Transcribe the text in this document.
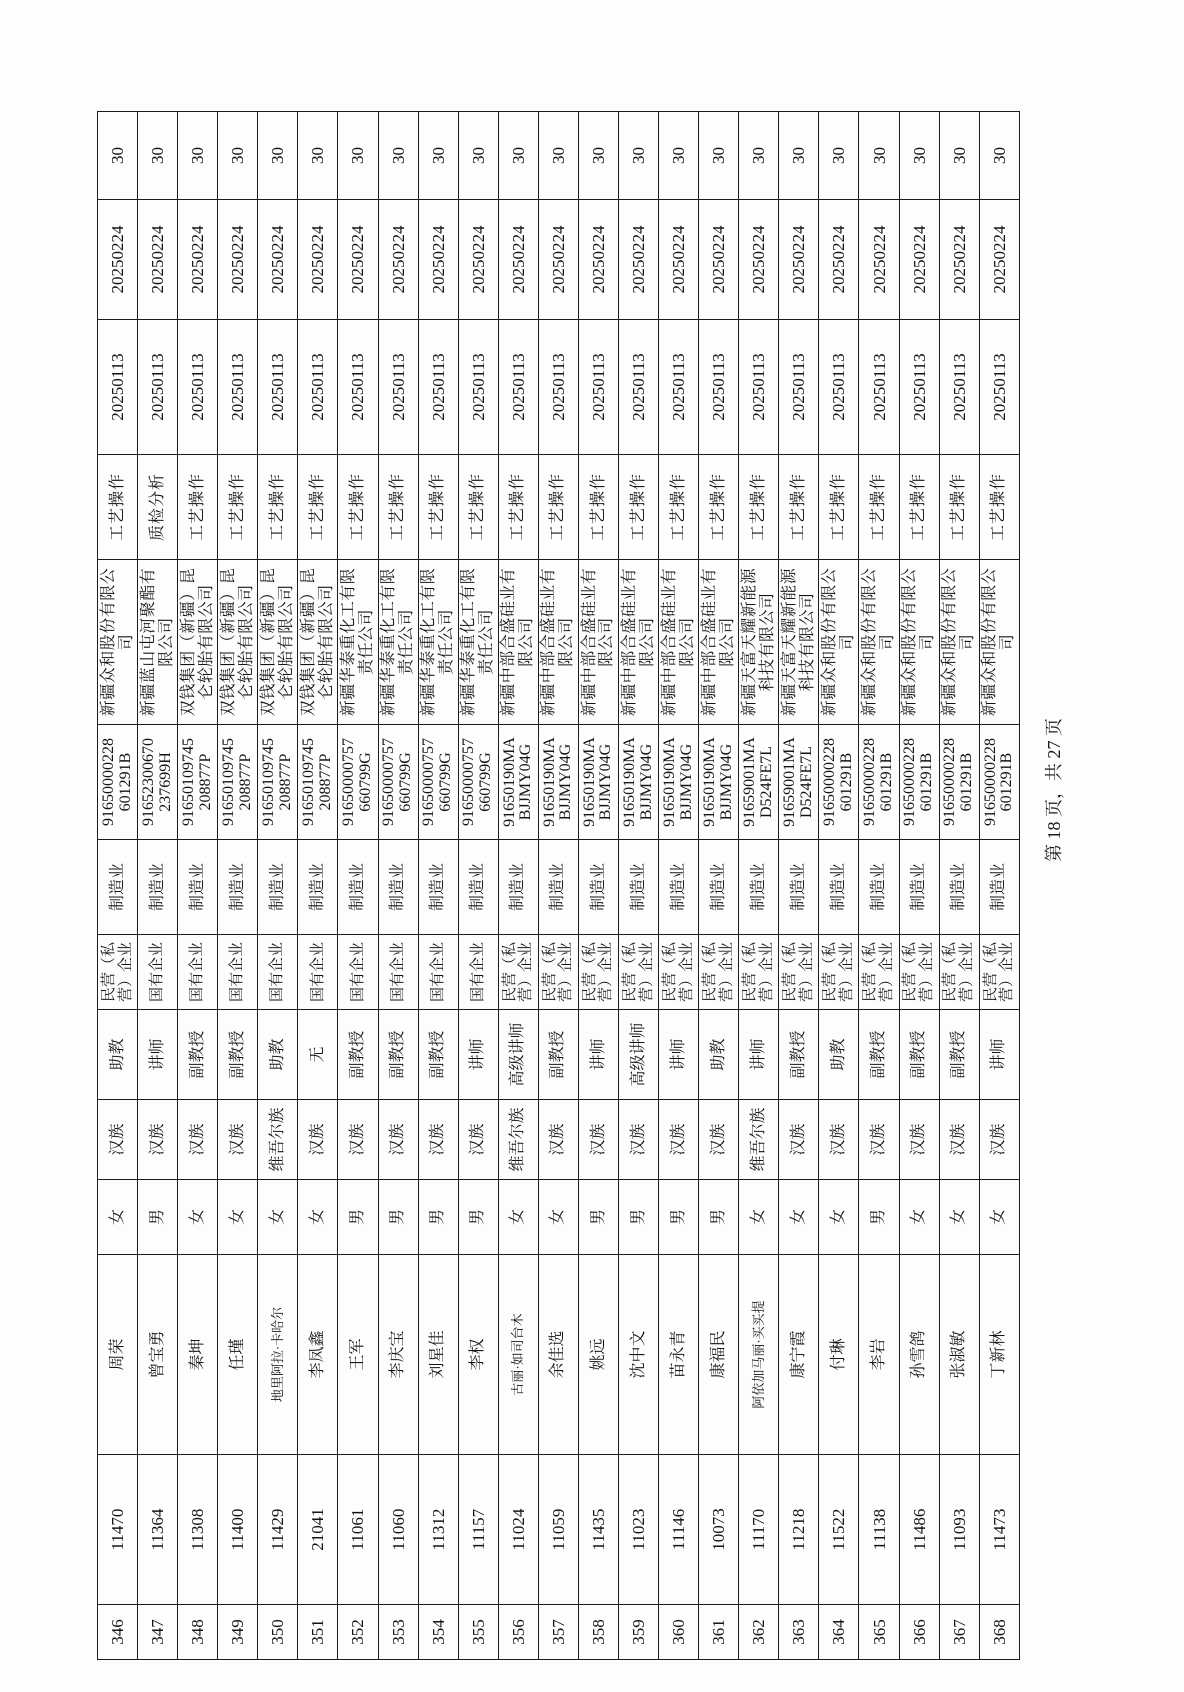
346	11470	周荣	女	汉族	助教	民营（私营）企业	制造业	91650000228601291B	新疆众和股份有限公司	工艺操作	20250113	20250224	30
347	11364	曾宝勇	男	汉族	讲师	国有企业	制造业	91652300670237699H	新疆蓝山屯河聚酯有限公司	质检分析	20250113	20250224	30
348	11308	秦坤	女	汉族	副教授	国有企业	制造业	91650109745208877P	双钱集团（新疆）昆仑轮胎有限公司	工艺操作	20250113	20250224	30
349	11400	任瑾	女	汉族	副教授	国有企业	制造业	91650109745208877P	双钱集团（新疆）昆仑轮胎有限公司	工艺操作	20250113	20250224	30
350	11429	地里阿拉·卡哈尔	女	维吾尔族	助教	国有企业	制造业	91650109745208877P	双钱集团（新疆）昆仑轮胎有限公司	工艺操作	20250113	20250224	30
351	21041	李凤鑫	女	汉族	无	国有企业	制造业	91650109745208877P	双钱集团（新疆）昆仑轮胎有限公司	工艺操作	20250113	20250224	30
352	11061	王军	男	汉族	副教授	国有企业	制造业	91650000757660799G	新疆华泰重化工有限责任公司	工艺操作	20250113	20250224	30
353	11060	李庆宝	男	汉族	副教授	国有企业	制造业	91650000757660799G	新疆华泰重化工有限责任公司	工艺操作	20250113	20250224	30
354	11312	刘星佳	男	汉族	副教授	国有企业	制造业	91650000757660799G	新疆华泰重化工有限责任公司	工艺操作	20250113	20250224	30
355	11157	李权	男	汉族	讲师	国有企业	制造业	91650000757660799G	新疆华泰重化工有限责任公司	工艺操作	20250113	20250224	30
356	11024	古丽·如司台木	女	维吾尔族	高级讲师	民营（私营）企业	制造业	91650190MABJJMY04G	新疆中部合盛硅业有限公司	工艺操作	20250113	20250224	30
357	11059	余佳选	女	汉族	副教授	民营（私营）企业	制造业	91650190MABJJMY04G	新疆中部合盛硅业有限公司	工艺操作	20250113	20250224	30
358	11435	姚远	男	汉族	讲师	民营（私营）企业	制造业	91650190MABJJMY04G	新疆中部合盛硅业有限公司	工艺操作	20250113	20250224	30
359	11023	沈中文	男	汉族	高级讲师	民营（私营）企业	制造业	91650190MABJJMY04G	新疆中部合盛硅业有限公司	工艺操作	20250113	20250224	30
360	11146	苗永青	男	汉族	讲师	民营（私营）企业	制造业	91650190MABJJMY04G	新疆中部合盛硅业有限公司	工艺操作	20250113	20250224	30
361	10073	康福民	男	汉族	助教	民营（私营）企业	制造业	91650190MABJJMY04G	新疆中部合盛硅业有限公司	工艺操作	20250113	20250224	30
362	11170	阿依加马丽·买买提	女	维吾尔族	讲师	民营（私营）企业	制造业	91659001MAD524FE7L	新疆天富天耀新能源科技有限公司	工艺操作	20250113	20250224	30
363	11218	康宁霞	女	汉族	副教授	民营（私营）企业	制造业	91659001MAD524FE7L	新疆天富天耀新能源科技有限公司	工艺操作	20250113	20250224	30
364	11522	付琳	女	汉族	助教	民营（私营）企业	制造业	91650000228601291B	新疆众和股份有限公司	工艺操作	20250113	20250224	30
365	11138	李岩	男	汉族	副教授	民营（私营）企业	制造业	91650000228601291B	新疆众和股份有限公司	工艺操作	20250113	20250224	30
366	11486	孙雪鸽	女	汉族	副教授	民营（私营）企业	制造业	91650000228601291B	新疆众和股份有限公司	工艺操作	20250113	20250224	30
367	11093	张淑敏	女	汉族	副教授	民营（私营）企业	制造业	91650000228601291B	新疆众和股份有限公司	工艺操作	20250113	20250224	30
368	11473	丁新林	女	汉族	讲师	民营（私营）企业	制造业	91650000228601291B	新疆众和股份有限公司	工艺操作	20250113	20250224	30
第 18 页，共 27 页
